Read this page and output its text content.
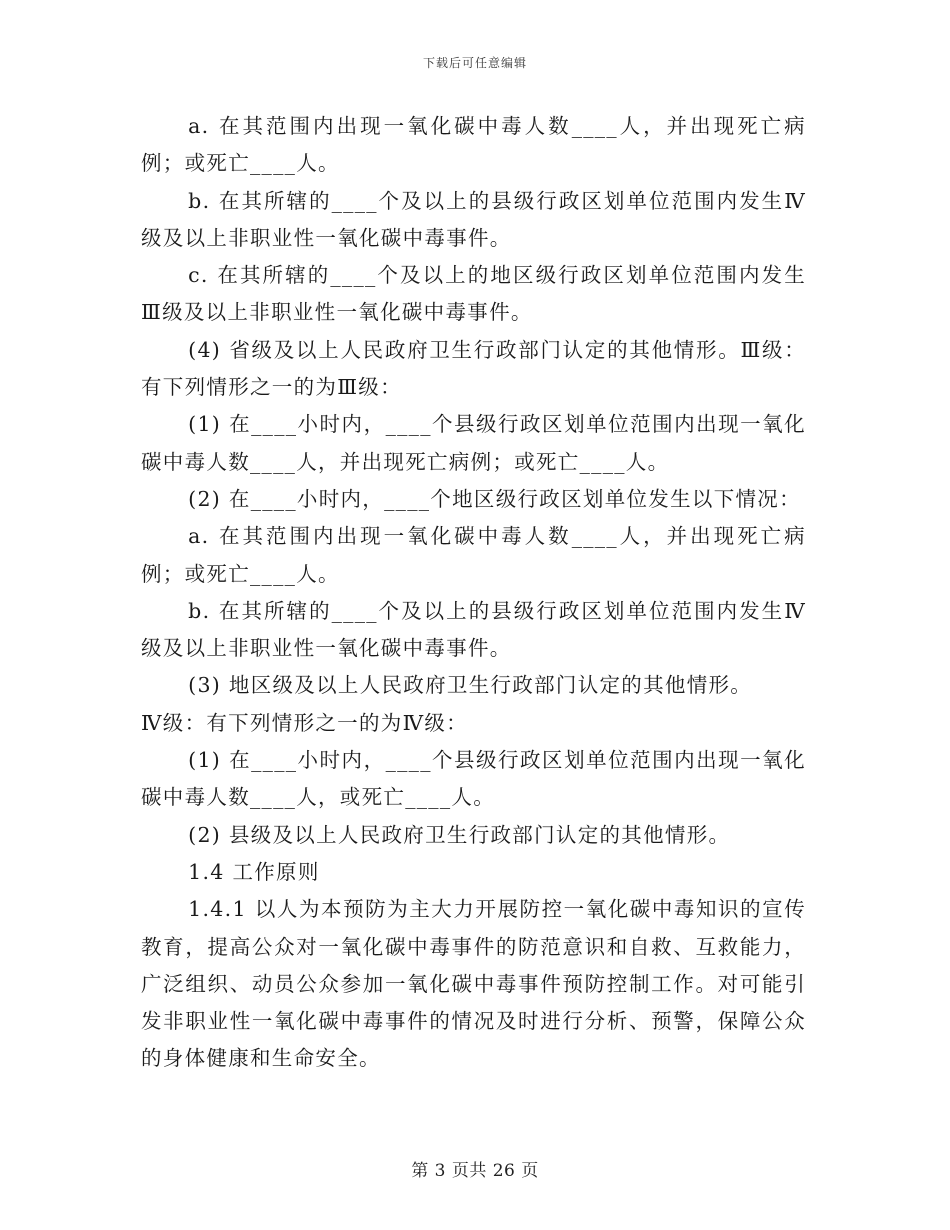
下载后可任意编辑

a. 在其范围内出现一氧化碳中毒人数____人，并出现死亡病例；或死亡____人。

b. 在其所辖的____个及以上的县级行政区划单位范围内发生Ⅳ级及以上非职业性一氧化碳中毒事件。

c. 在其所辖的____个及以上的地区级行政区划单位范围内发生Ⅲ级及以上非职业性一氧化碳中毒事件。

(4) 省级及以上人民政府卫生行政部门认定的其他情形。Ⅲ级：有下列情形之一的为Ⅲ级：

(1) 在____小时内，____个县级行政区划单位范围内出现一氧化碳中毒人数____人，并出现死亡病例；或死亡____人。

(2) 在____小时内，____个地区级行政区划单位发生以下情况：

a. 在其范围内出现一氧化碳中毒人数____人，并出现死亡病例；或死亡____人。

b. 在其所辖的____个及以上的县级行政区划单位范围内发生Ⅳ级及以上非职业性一氧化碳中毒事件。

(3) 地区级及以上人民政府卫生行政部门认定的其他情形。

Ⅳ级：有下列情形之一的为Ⅳ级：

(1) 在____小时内，____个县级行政区划单位范围内出现一氧化碳中毒人数____人，或死亡____人。

(2) 县级及以上人民政府卫生行政部门认定的其他情形。

1.4 工作原则

1.4.1 以人为本预防为主大力开展防控一氧化碳中毒知识的宣传教育，提高公众对一氧化碳中毒事件的防范意识和自救、互救能力，广泛组织、动员公众参加一氧化碳中毒事件预防控制工作。对可能引发非职业性一氧化碳中毒事件的情况及时进行分析、预警，保障公众的身体健康和生命安全。

第 3 页共 26 页
